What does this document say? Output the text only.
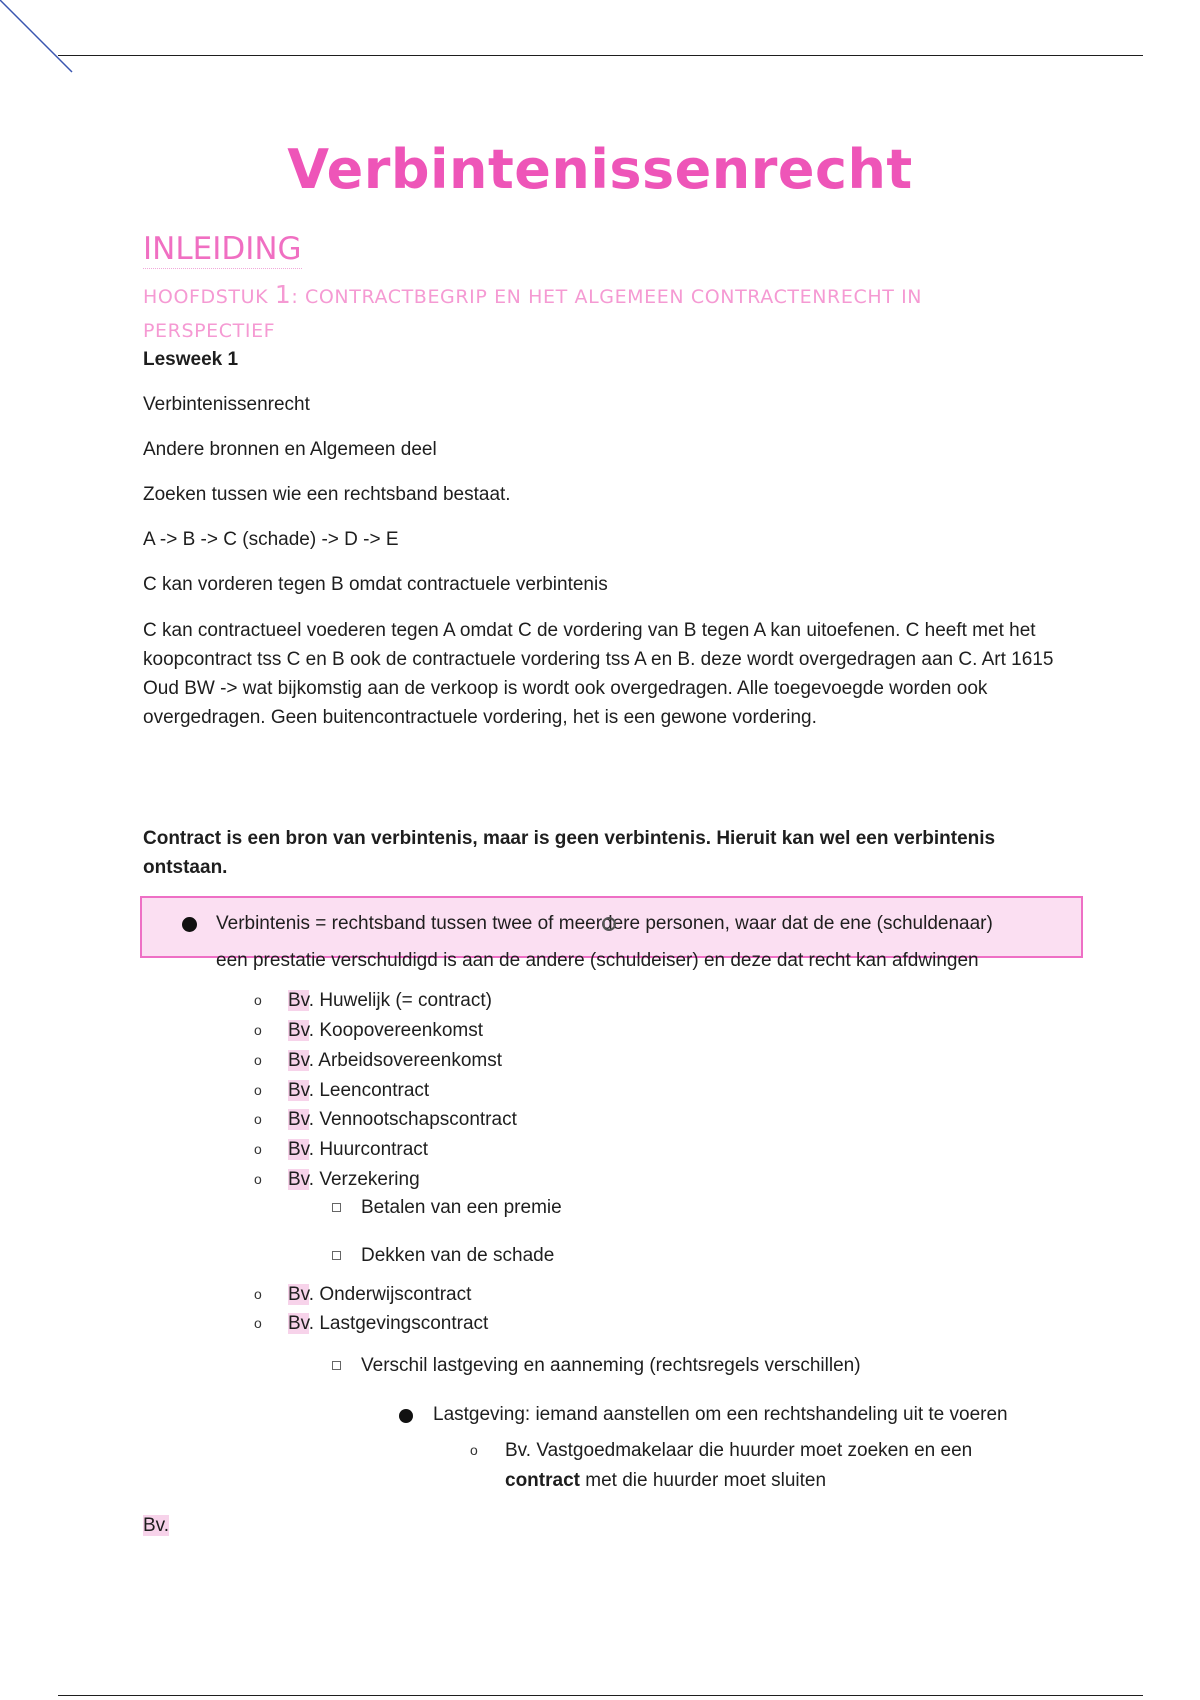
Verbintenissenrecht
INLEIDING
HOOFDSTUK 1: CONTRACTBEGRIP EN HET ALGEMEEN CONTRACTENRECHT IN PERSPECTIEF

Lesweek 1

Verbintenissenrecht

Andere bronnen en Algemeen deel

Zoeken tussen wie een rechtsband bestaat.

A -> B -> C (schade) -> D -> E

C kan vorderen tegen B omdat contractuele verbintenis

C kan contractueel voederen tegen A omdat C de vordering van B tegen A kan uitoefenen. C heeft met het koopcontract tss C en B ook de contractuele vordering tss A en B. deze wordt overgedragen aan C. Art 1615 Oud BW -> wat bijkomstig aan de verkoop is wordt ook overgedragen. Alle toegevoegde worden ook overgedragen. Geen buitencontractuele vordering, het is een gewone vordering.

Contract is een bron van verbintenis, maar is geen verbintenis. Hieruit kan wel een verbintenis ontstaan.

Verbintenis = rechtsband tussen twee of meerdere personen, waar dat de ene (schuldenaar)
een prestatie verschuldigd is aan de andere (schuldeiser) en deze dat recht kan afdwingen
o Bv. Huwelijk (= contract)
o Bv. Koopovereenkomst
o Bv. Arbeidsovereenkomst
o Bv. Leencontract
o Bv. Vennootschapscontract
o Bv. Huurcontract
o Bv. Verzekering
Betalen van een premie
Dekken van de schade
o Bv. Onderwijscontract
o Bv. Lastgevingscontract
Verschil lastgeving en aanneming (rechtsregels verschillen)
Lastgeving: iemand aanstellen om een rechtshandeling uit te voeren
o Bv. Vastgoedmakelaar die huurder moet zoeken en een
contract met die huurder moet sluiten
Bv.
